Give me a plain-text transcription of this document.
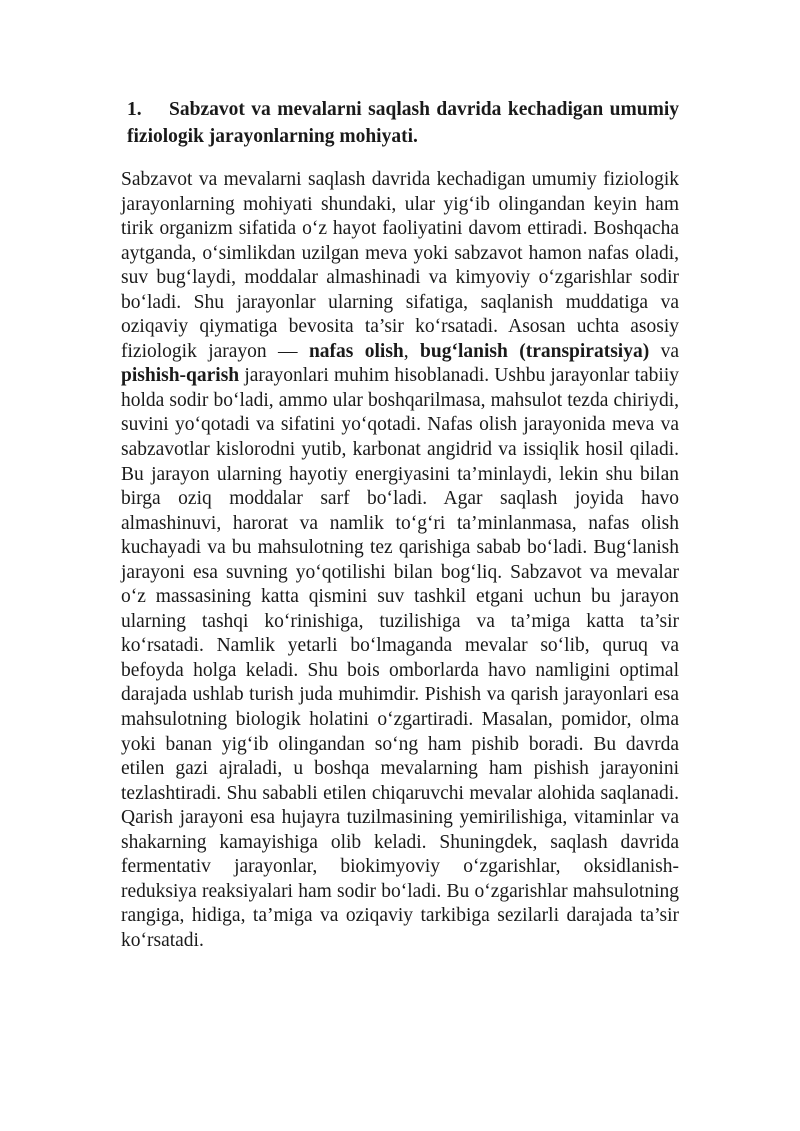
1. Sabzavot va mevalarni saqlash davrida kechadigan umumiy fiziologik jarayonlarning mohiyati.

Sabzavot va mevalarni saqlash davrida kechadigan umumiy fiziologik jarayonlarning mohiyati shundaki, ular yig‘ib olingandan keyin ham tirik organizm sifatida o‘z hayot faoliyatini davom ettiradi. Boshqacha aytganda, o‘simlikdan uzilgan meva yoki sabzavot hamon nafas oladi, suv bug‘laydi, moddalar almashinadi va kimyoviy o‘zgarishlar sodir bo‘ladi. Shu jarayonlar ularning sifatiga, saqlanish muddatiga va oziqaviy qiymatiga bevosita ta’sir ko‘rsatadi. Asosan uchta asosiy fiziologik jarayon — nafas olish, bug‘lanish (transpiratsiya) va pishish-qarish jarayonlari muhim hisoblanadi. Ushbu jarayonlar tabiiy holda sodir bo‘ladi, ammo ular boshqarilmasa, mahsulot tezda chiriydi, suvini yo‘qotadi va sifatini yo‘qotadi. Nafas olish jarayonida meva va sabzavotlar kislorodni yutib, karbonat angidrid va issiqlik hosil qiladi. Bu jarayon ularning hayotiy energiyasini ta’minlaydi, lekin shu bilan birga oziq moddalar sarf bo‘ladi. Agar saqlash joyida havo almashinuvi, harorat va namlik to‘g‘ri ta’minlanmasa, nafas olish kuchayadi va bu mahsulotning tez qarishiga sabab bo‘ladi. Bug‘lanish jarayoni esa suvning yo‘qotilishi bilan bog‘liq. Sabzavot va mevalar o‘z massasining katta qismini suv tashkil etgani uchun bu jarayon ularning tashqi ko‘rinishiga, tuzilishiga va ta’miga katta ta’sir ko‘rsatadi. Namlik yetarli bo‘lmaganda mevalar so‘lib, quruq va befoyda holga keladi. Shu bois omborlarda havo namligini optimal darajada ushlab turish juda muhimdir. Pishish va qarish jarayonlari esa mahsulotning biologik holatini o‘zgartiradi. Masalan, pomidor, olma yoki banan yig‘ib olingandan so‘ng ham pishib boradi. Bu davrda etilen gazi ajraladi, u boshqa mevalarning ham pishish jarayonini tezlashtiradi. Shu sababli etilen chiqaruvchi mevalar alohida saqlanadi. Qarish jarayoni esa hujayra tuzilmasining yemirilishiga, vitaminlar va shakarning kamayishiga olib keladi. Shuningdek, saqlash davrida fermentativ jarayonlar, biokimyoviy o‘zgarishlar, oksidlanish-reduksiya reaksiyalari ham sodir bo‘ladi. Bu o‘zgarishlar mahsulotning rangiga, hidiga, ta’miga va oziqaviy tarkibiga sezilarli darajada ta’sir ko‘rsatadi.
